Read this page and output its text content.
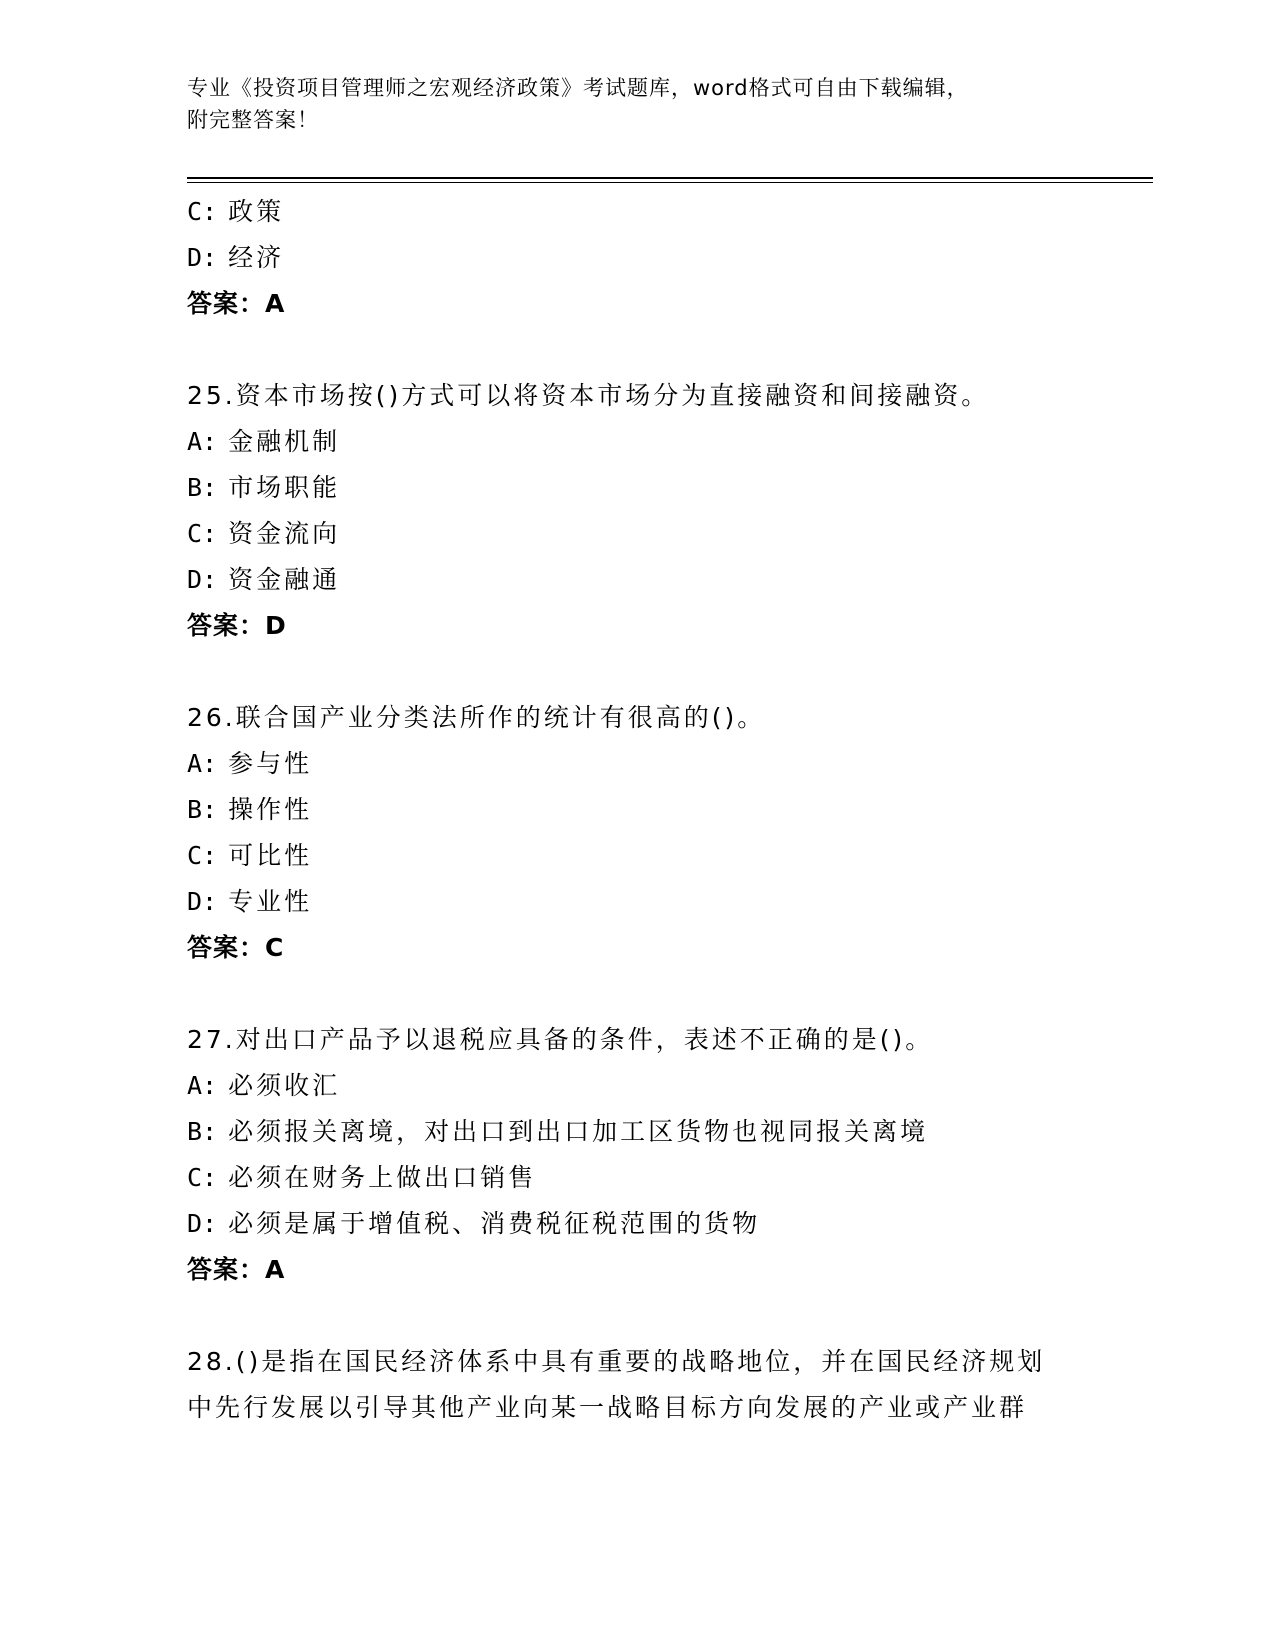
专业《投资项目管理师之宏观经济政策》考试题库，word格式可自由下载编辑，
附完整答案！
C: 政策
D: 经济
答案：A
25.资本市场按()方式可以将资本市场分为直接融资和间接融资。
A: 金融机制
B: 市场职能
C: 资金流向
D: 资金融通
答案：D
26.联合国产业分类法所作的统计有很高的()。
A: 参与性
B: 操作性
C: 可比性
D: 专业性
答案：C
27.对出口产品予以退税应具备的条件，表述不正确的是()。
A: 必须收汇
B: 必须报关离境，对出口到出口加工区货物也视同报关离境
C: 必须在财务上做出口销售
D: 必须是属于增值税、消费税征税范围的货物
答案：A
28.()是指在国民经济体系中具有重要的战略地位，并在国民经济规划
中先行发展以引导其他产业向某一战略目标方向发展的产业或产业群
